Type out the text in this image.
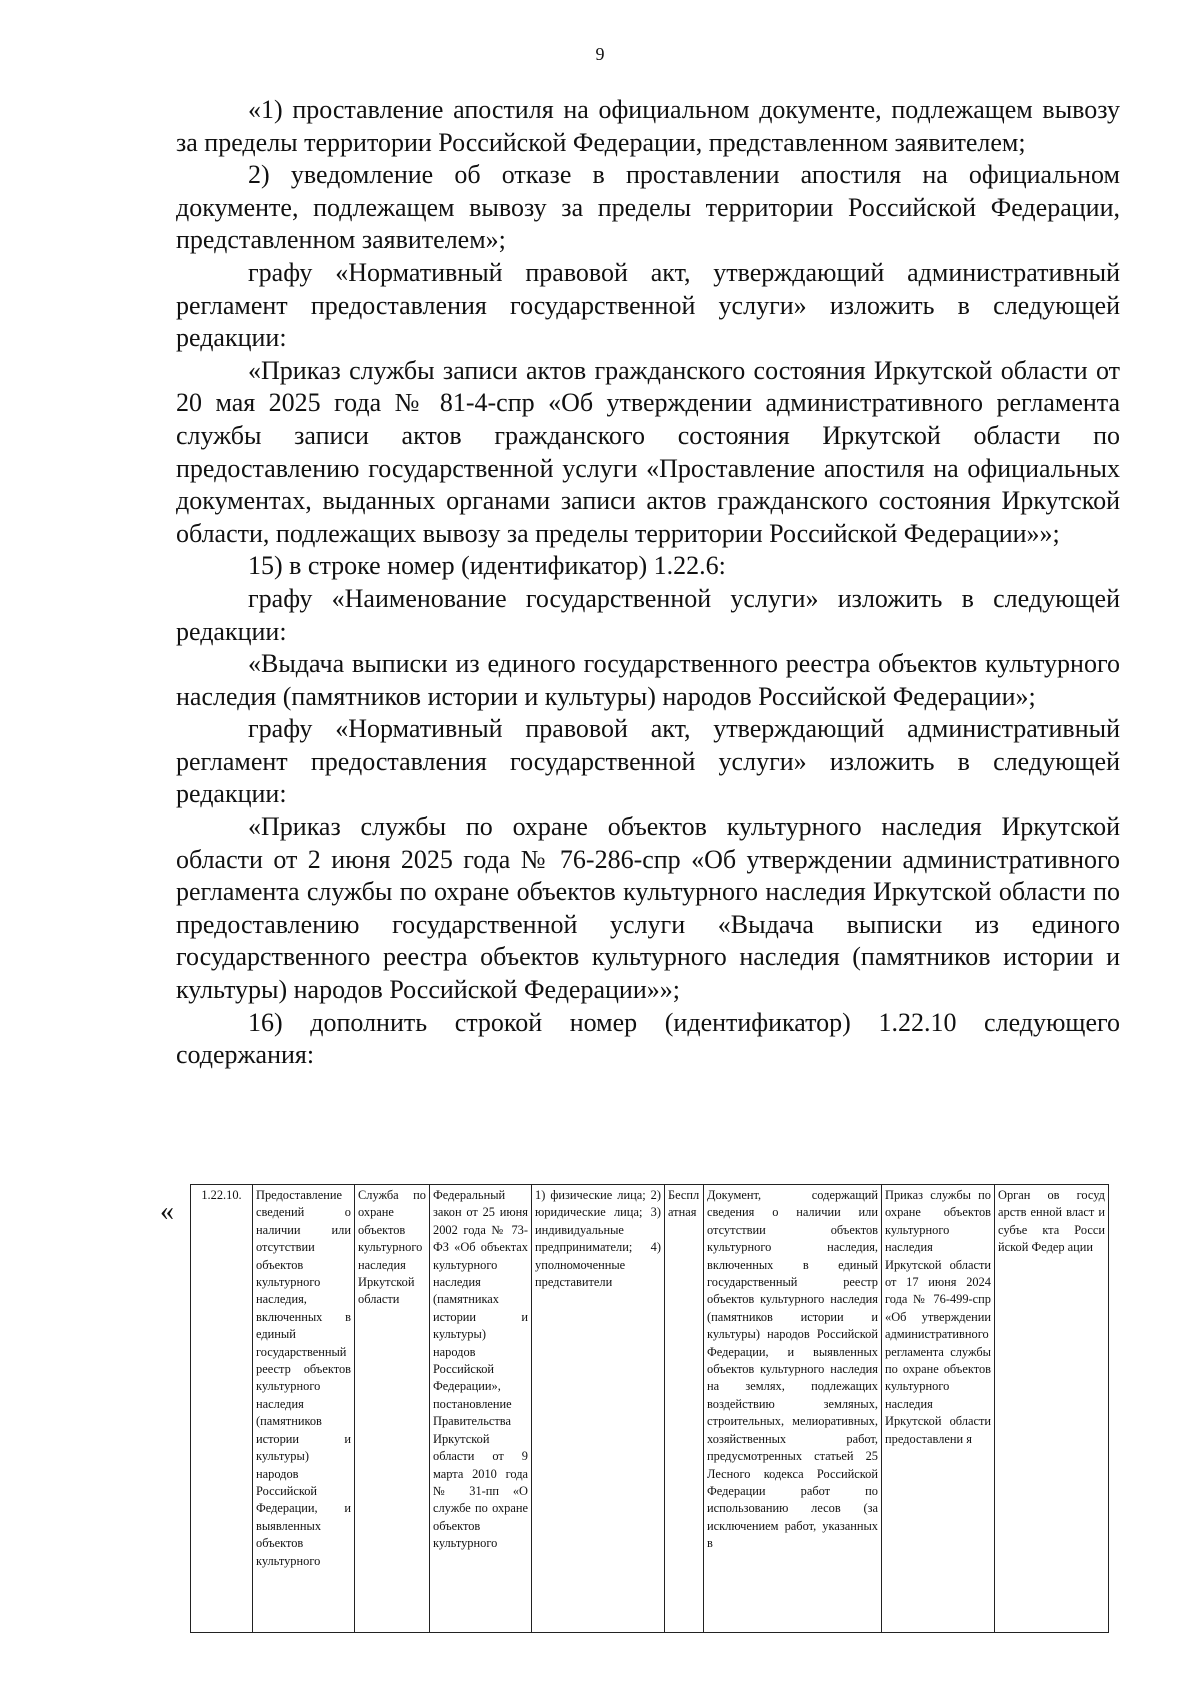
9

«1) проставление апостиля на официальном документе, подлежащем вывозу за пределы территории Российской Федерации, представленном заявителем;

2) уведомление об отказе в проставлении апостиля на официальном документе, подлежащем вывозу за пределы территории Российской Федерации, представленном заявителем»;

графу «Нормативный правовой акт, утверждающий административный регламент предоставления государственной услуги» изложить в следующей редакции:

«Приказ службы записи актов гражданского состояния Иркутской области от 20 мая 2025 года № 81-4-спр «Об утверждении административного регламента службы записи актов гражданского состояния Иркутской области по предоставлению государственной услуги «Проставление апостиля на официальных документах, выданных органами записи актов гражданского состояния Иркутской области, подлежащих вывозу за пределы территории Российской Федерации»»;

15) в строке номер (идентификатор) 1.22.6:

графу «Наименование государственной услуги» изложить в следующей редакции:

«Выдача выписки из единого государственного реестра объектов культурного наследия (памятников истории и культуры) народов Российской Федерации»;

графу «Нормативный правовой акт, утверждающий административный регламент предоставления государственной услуги» изложить в следующей редакции:

«Приказ службы по охране объектов культурного наследия Иркутской области от 2 июня 2025 года № 76-286-спр «Об утверждении административного регламента службы по охране объектов культурного наследия Иркутской области по предоставлению государственной услуги «Выдача выписки из единого государственного реестра объектов культурного наследия (памятников истории и культуры) народов Российской Федерации»»;

16) дополнить строкой номер (идентификатор) 1.22.10 следующего содержания:

«
1.22.10.	Предоставление сведений о наличии или отсутствии объектов культурного наследия, включенных в единый государственный реестр объектов культурного наследия (памятников истории и культуры) народов Российской Федерации, и выявленных объектов культурного	Служба по охране объектов культурного наследия Иркутской области	Федеральный закон от 25 июня 2002 года № 73-ФЗ «Об объектах культурного наследия (памятниках истории и культуры) народов Российской Федерации», постановление Правительства Иркутской области от 9 марта 2010 года № 31-пп «О службе по охране объектов культурного	1) физические лица; 2) юридические лица; 3) индивидуальные предприниматели; 4) уполномоченные представители	Бесплатная	Документ, содержащий сведения о наличии или отсутствии объектов культурного наследия, включенных в единый государственный реестр объектов культурного наследия (памятников истории и культуры) народов Российской Федерации, и выявленных объектов культурного наследия на землях, подлежащих воздействию земляных, строительных, мелиоративных, хозяйственных работ, предусмотренных статьей 25 Лесного кодекса Российской Федерации работ по использованию лесов (за исключением работ, указанных в	Приказ службы по охране объектов культурного наследия Иркутской области от 17 июня 2024 года № 76-499-спр «Об утверждении административного регламента службы по охране объектов культурного наследия Иркутской области предоставлени я	Орган ов госуд арств енной власт и субъе кта Росси йской Федер ации
